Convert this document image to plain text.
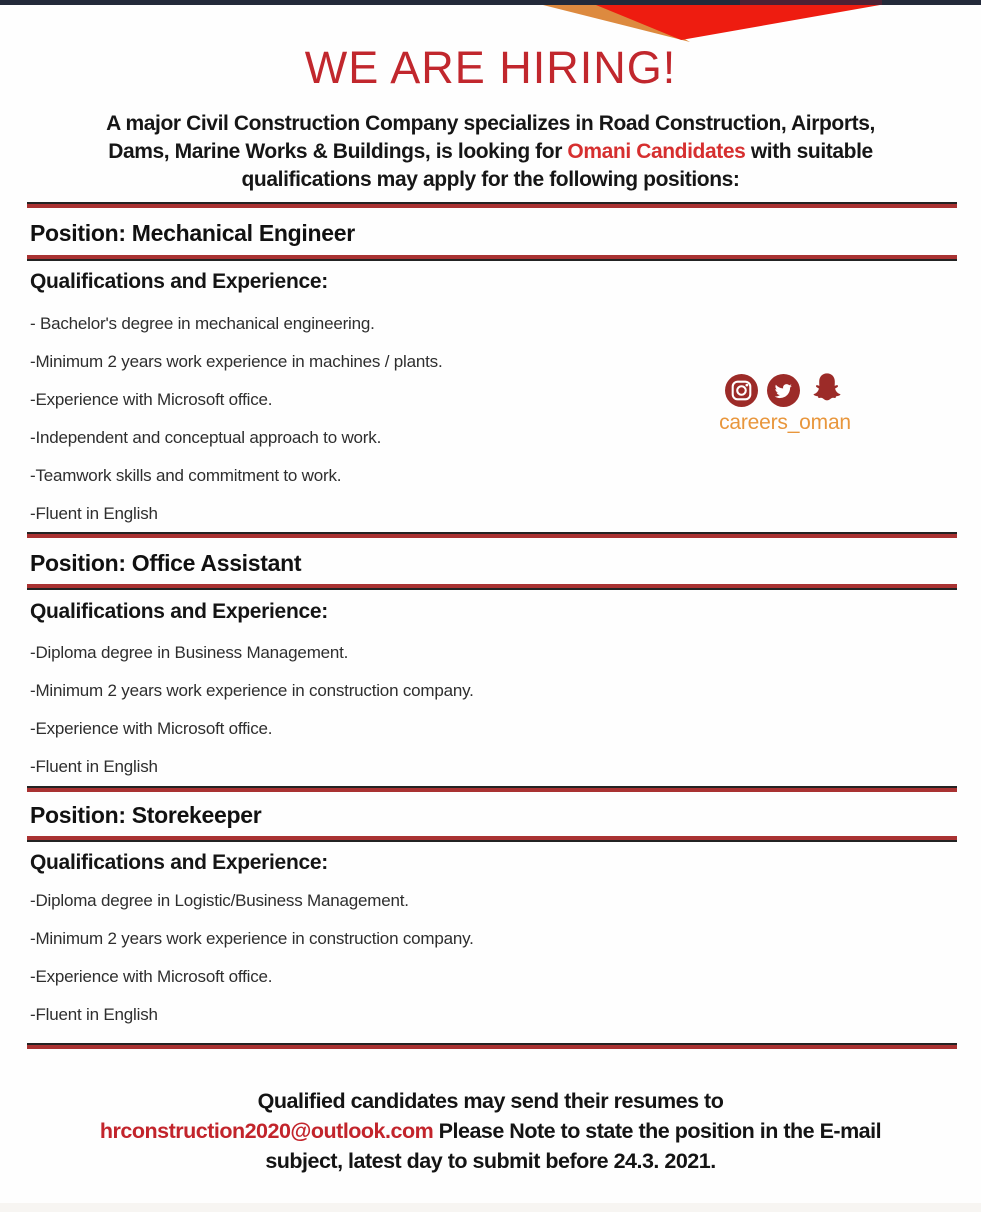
WE ARE HIRING!
A major Civil Construction Company specializes in Road Construction, Airports,
Dams, Marine Works & Buildings, is looking for Omani Candidates with suitable
qualifications may apply for the following positions:
Position: Mechanical Engineer
Qualifications and Experience:
- Bachelor's degree in mechanical engineering.
-Minimum 2 years work experience in machines / plants.
-Experience with Microsoft office.
-Independent and conceptual approach to work.
-Teamwork skills and commitment to work.
-Fluent in English
careers_oman
Position: Office Assistant
Qualifications and Experience:
-Diploma degree in Business Management.
-Minimum 2 years work experience in construction company.
-Experience with Microsoft office.
-Fluent in English
Position: Storekeeper
Qualifications and Experience:
-Diploma degree in Logistic/Business Management.
-Minimum 2 years work experience in construction company.
-Experience with Microsoft office.
-Fluent in English
Qualified candidates may send their resumes to
hrconstruction2020@outlook.com Please Note to state the position in the E-mail
subject, latest day to submit before 24.3. 2021.
